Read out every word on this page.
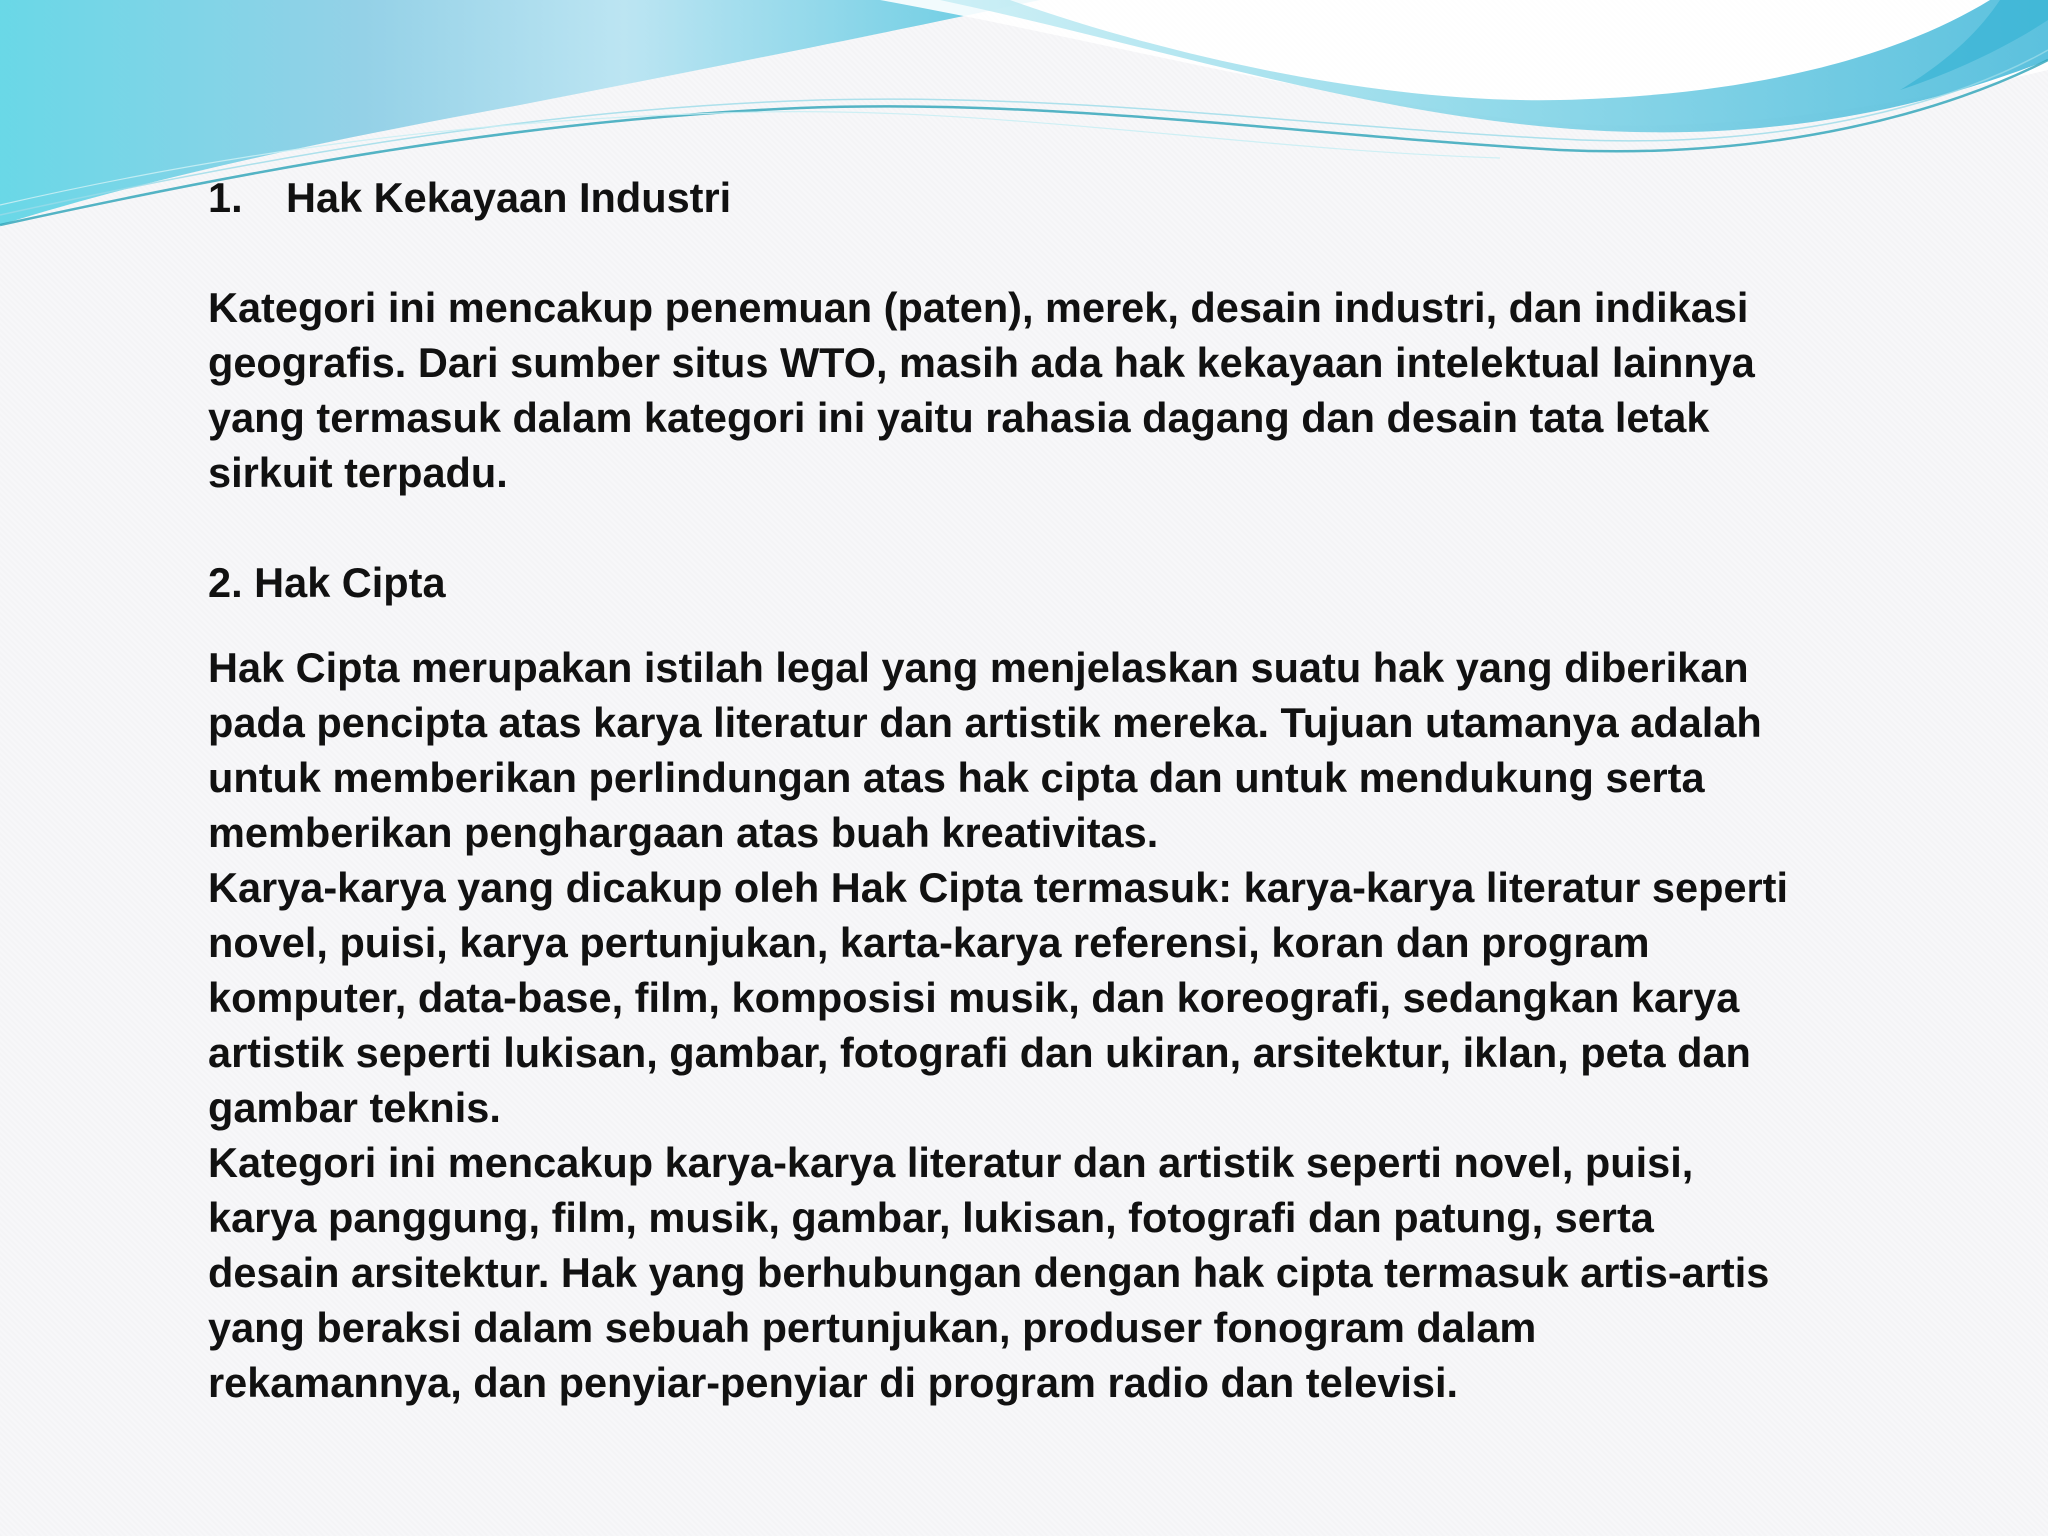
1. Hak Kekayaan Industri

Kategori ini mencakup penemuan (paten), merek, desain industri, dan indikasi
geografis. Dari sumber situs WTO, masih ada hak kekayaan intelektual lainnya
yang termasuk dalam kategori ini yaitu rahasia dagang dan desain tata letak
sirkuit terpadu.

2. Hak Cipta

Hak Cipta merupakan istilah legal yang menjelaskan suatu hak yang diberikan
pada pencipta atas karya literatur dan artistik mereka. Tujuan utamanya adalah
untuk memberikan perlindungan atas hak cipta dan untuk mendukung serta
memberikan penghargaan atas buah kreativitas.
Karya-karya yang dicakup oleh Hak Cipta termasuk: karya-karya literatur seperti
novel, puisi, karya pertunjukan, karta-karya referensi, koran dan program
komputer, data-base, film, komposisi musik, dan koreografi, sedangkan karya
artistik seperti lukisan, gambar, fotografi dan ukiran, arsitektur, iklan, peta dan
gambar teknis.
Kategori ini mencakup karya-karya literatur dan artistik seperti novel, puisi,
karya panggung, film, musik, gambar, lukisan, fotografi dan patung, serta
desain arsitektur. Hak yang berhubungan dengan hak cipta termasuk artis-artis
yang beraksi dalam sebuah pertunjukan, produser fonogram dalam
rekamannya, dan penyiar-penyiar di program radio dan televisi.
